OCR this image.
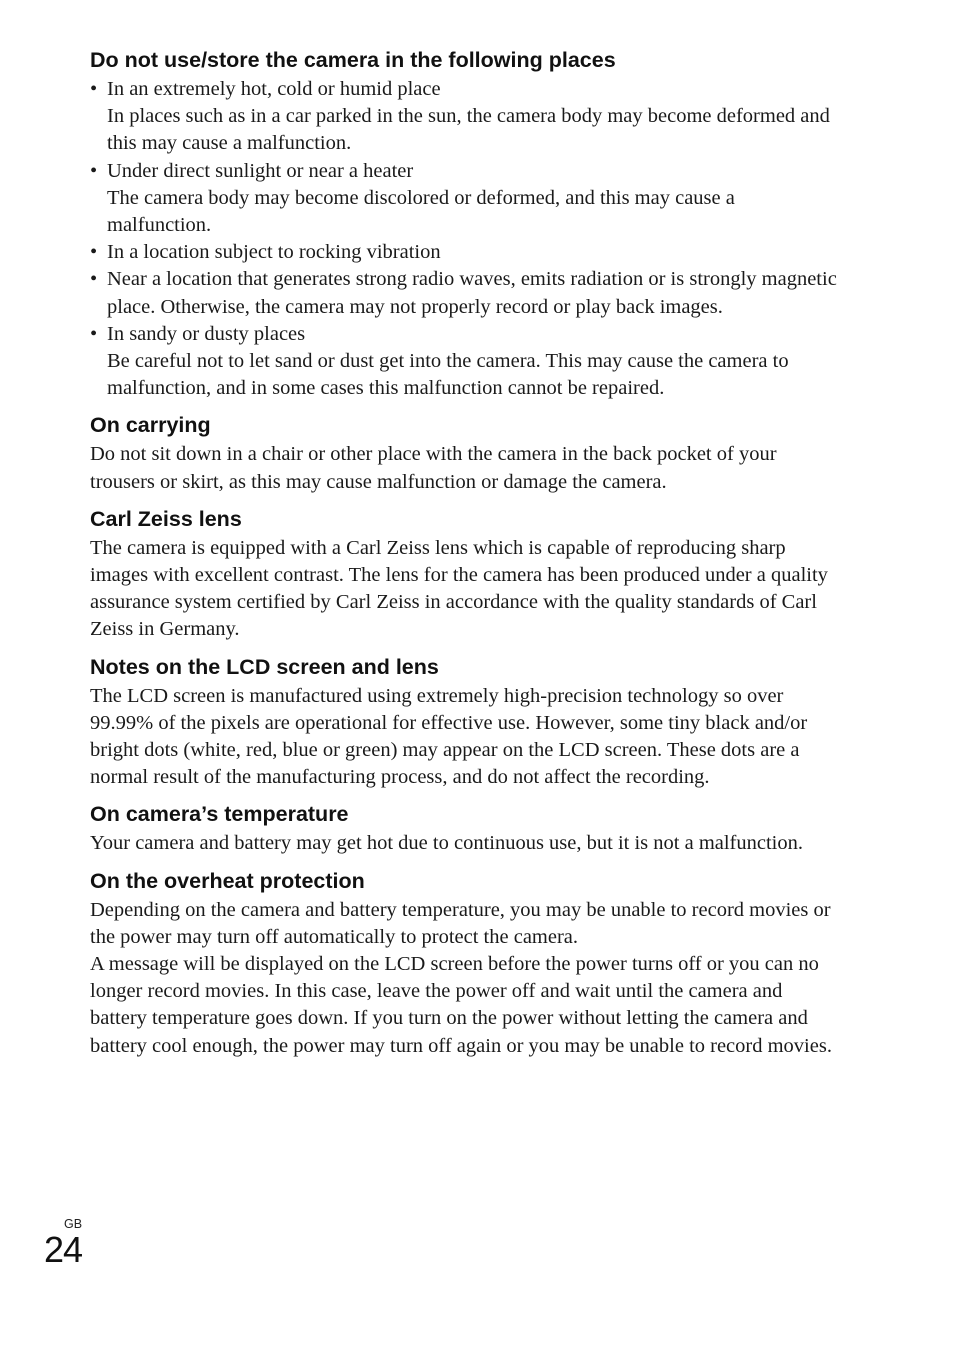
Do not use/store the camera in the following places
• In an extremely hot, cold or humid place
In places such as in a car parked in the sun, the camera body may become deformed and this may cause a malfunction.
• Under direct sunlight or near a heater
The camera body may become discolored or deformed, and this may cause a malfunction.
• In a location subject to rocking vibration
• Near a location that generates strong radio waves, emits radiation or is strongly magnetic place. Otherwise, the camera may not properly record or play back images.
• In sandy or dusty places
Be careful not to let sand or dust get into the camera. This may cause the camera to malfunction, and in some cases this malfunction cannot be repaired.
On carrying

Do not sit down in a chair or other place with the camera in the back pocket of your trousers or skirt, as this may cause malfunction or damage the camera.

Carl Zeiss lens

The camera is equipped with a Carl Zeiss lens which is capable of reproducing sharp images with excellent contrast. The lens for the camera has been produced under a quality assurance system certified by Carl Zeiss in accordance with the quality standards of Carl Zeiss in Germany.

Notes on the LCD screen and lens

The LCD screen is manufactured using extremely high-precision technology so over 99.99% of the pixels are operational for effective use. However, some tiny black and/or bright dots (white, red, blue or green) may appear on the LCD screen. These dots are a normal result of the manufacturing process, and do not affect the recording.

On camera’s temperature

Your camera and battery may get hot due to continuous use, but it is not a malfunction.

On the overheat protection

Depending on the camera and battery temperature, you may be unable to record movies or the power may turn off automatically to protect the camera.

A message will be displayed on the LCD screen before the power turns off or you can no longer record movies. In this case, leave the power off and wait until the camera and battery temperature goes down. If you turn on the power without letting the camera and battery cool enough, the power may turn off again or you may be unable to record movies.

GB
24
